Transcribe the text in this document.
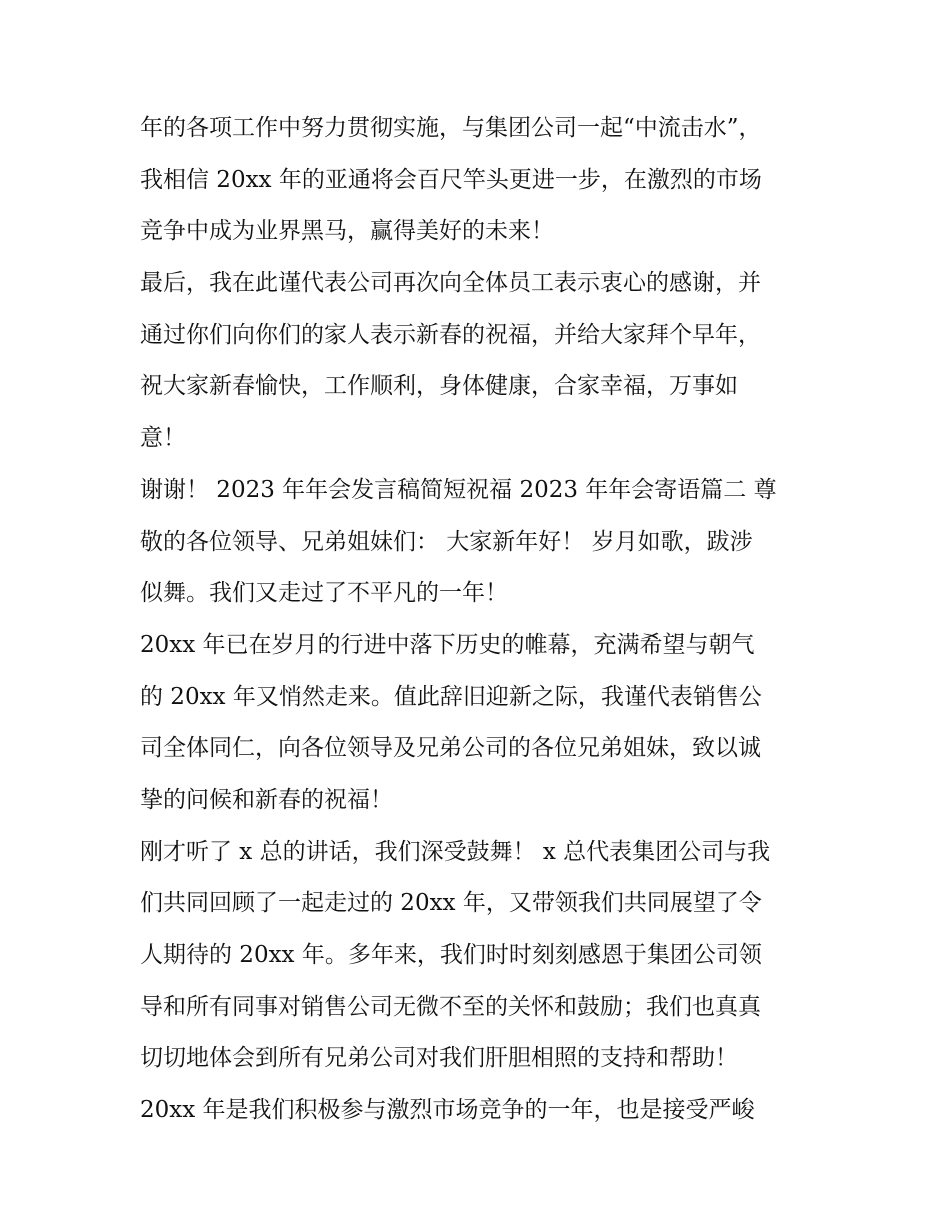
年的各项工作中努力贯彻实施，与集团公司一起“中流击水”，
我相信 20xx 年的亚通将会百尺竿头更进一步，在激烈的市场
竞争中成为业界黑马，赢得美好的未来！
最后，我在此谨代表公司再次向全体员工表示衷心的感谢，并
通过你们向你们的家人表示新春的祝福，并给大家拜个早年，
祝大家新春愉快，工作顺利，身体健康，合家幸福，万事如
意！
谢谢！ 2023 年年会发言稿简短祝福 2023 年年会寄语篇二 尊
敬的各位领导、兄弟姐妹们： 大家新年好！ 岁月如歌，跋涉
似舞。我们又走过了不平凡的一年！
20xx 年已在岁月的行进中落下历史的帷幕，充满希望与朝气
的 20xx 年又悄然走来。值此辞旧迎新之际，我谨代表销售公
司全体同仁，向各位领导及兄弟公司的各位兄弟姐妹，致以诚
挚的问候和新春的祝福！
刚才听了 x 总的讲话，我们深受鼓舞！ x 总代表集团公司与我
们共同回顾了一起走过的 20xx 年，又带领我们共同展望了令
人期待的 20xx 年。多年来，我们时时刻刻感恩于集团公司领
导和所有同事对销售公司无微不至的关怀和鼓励；我们也真真
切切地体会到所有兄弟公司对我们肝胆相照的支持和帮助！
20xx 年是我们积极参与激烈市场竞争的一年，也是接受严峻
